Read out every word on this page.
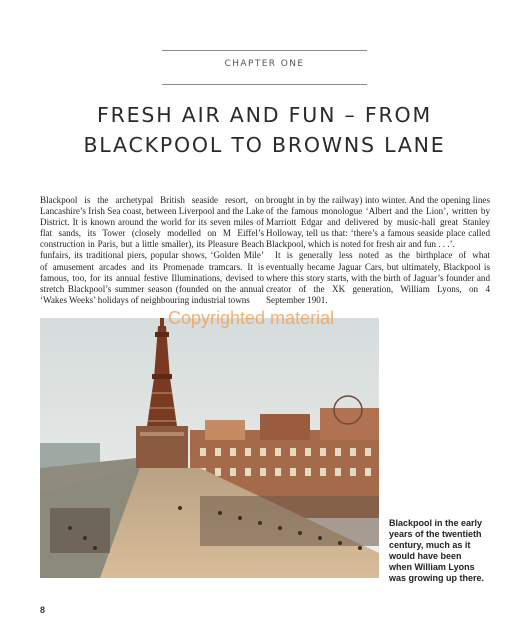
CHAPTER ONE
FRESH AIR AND FUN – FROM
BLACKPOOL TO BROWNS LANE

Blackpool is the archetypal British seaside resort, on Lancashire’s Irish Sea coast, between Liverpool and the Lake District. It is known around the world for its seven miles of flat sands, its Tower (closely modelled on M Eiffel’s construction in Paris, but a little smaller), its Pleasure Beach funfairs, its traditional piers, popular shows, ‘Golden Mile’ of amusement arcades and its Promenade tramcars. It is famous, too, for its annual festive Illuminations, devised to stretch Blackpool’s summer season (founded on the annual ‘Wakes Weeks’ holidays of neighbouring industrial towns

brought in by the railway) into winter. And the opening lines of the famous monologue ‘Albert and the Lion’, written by Marriott Edgar and delivered by music-hall great Stanley Holloway, tell us that: ‘there’s a famous seaside place called Blackpool, which is noted for fresh air and fun . . .’.

It is generally less noted as the birthplace of what eventually became Jaguar Cars, but ultimately, Blackpool is where this story starts, with the birth of Jaguar’s founder and creator of the XK generation, William Lyons, on 4 September 1901.

Copyrighted material

Blackpool in the early years of the twentieth century, much as it would have been when William Lyons was growing up there.

8
